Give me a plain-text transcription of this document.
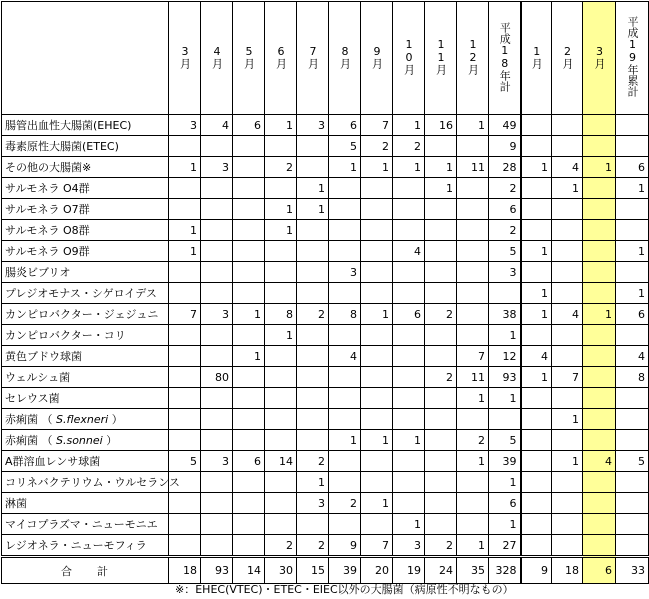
	3月	4月	5月	6月	7月	8月	9月	10月	11月	12月	平成18年計	1月	2月	3月	平成19年累計
腸管出血性大腸菌(EHEC)	3	4	6	1	3	6	7	1	16	1	49				
毒素原性大腸菌(ETEC)						5	2	2			9				
その他の大腸菌※	1	3		2		1	1	1	1	11	28	1	4	1	6
サルモネラ O4群					1				1		2		1		1
サルモネラ O7群				1	1						6				
サルモネラ O8群	1			1							2				
サルモネラ O9群	1							4			5	1			1
腸炎ビブリオ						3					3				
プレジオモナス・シゲロイデス												1			1
カンピロバクター・ジェジュニ	7	3	1	8	2	8	1	6	2		38	1	4	1	6
カンピロバクター・コリ				1							1				
黄色ブドウ球菌			1			4				7	12	4			4
ウェルシュ菌		80							2	11	93	1	7		8
セレウス菌										1	1				
赤痢菌 （ S.flexneri ）													1		
赤痢菌 （ S.sonnei ）						1	1	1		2	5				
A群溶血レンサ球菌	5	3	6	14	2					1	39		1	4	5
コリネバクテリウム・ウルセランス					1						1				
淋菌					3	2	1				6				
マイコプラズマ・ニューモニエ								1			1				
レジオネラ・ニューモフィラ				2	2	9	7	3	2	1	27				
合 計	18	93	14	30	15	39	20	19	24	35	328	9	18	6	33
※：EHEC(VTEC)・ETEC・EIEC以外の大腸菌（病原性不明なもの）
